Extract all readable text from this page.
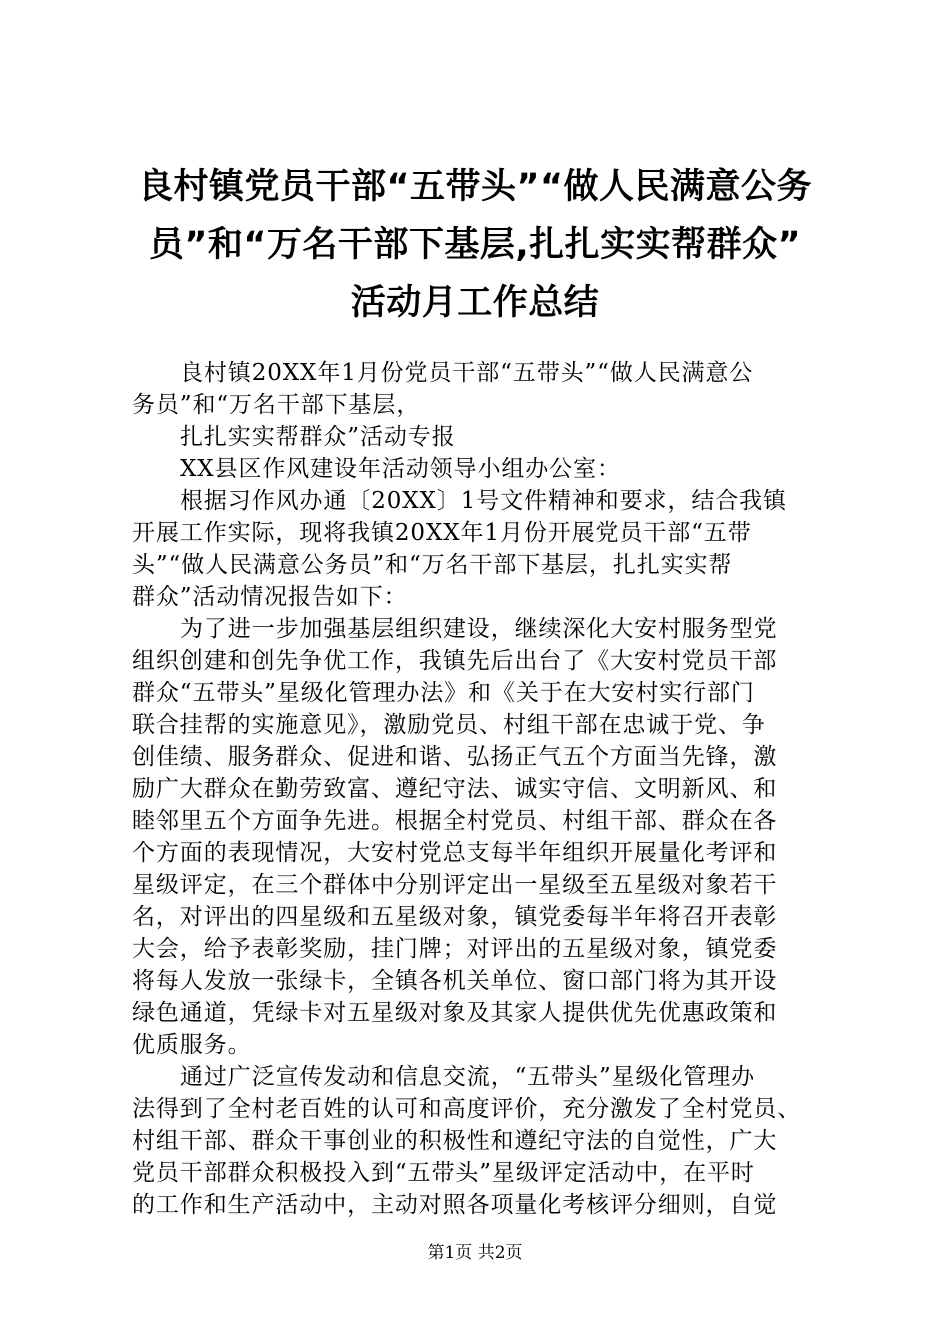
良村镇党员干部“五带头”“做人民满意公务
员”和“万名干部下基层,扎扎实实帮群众”
活动月工作总结
良村镇20XX年1月份党员干部“五带头”“做人民满意公
务员”和“万名干部下基层，
扎扎实实帮群众”活动专报
XX县区作风建设年活动领导小组办公室：
根据习作风办通〔20XX〕1号文件精神和要求，结合我镇
开展工作实际，现将我镇20XX年1月份开展党员干部“五带
头”“做人民满意公务员”和“万名干部下基层，扎扎实实帮
群众”活动情况报告如下：
为了进一步加强基层组织建设，继续深化大安村服务型党
组织创建和创先争优工作，我镇先后出台了《大安村党员干部
群众“五带头”星级化管理办法》和《关于在大安村实行部门
联合挂帮的实施意见》，激励党员、村组干部在忠诚于党、争
创佳绩、服务群众、促进和谐、弘扬正气五个方面当先锋，激
励广大群众在勤劳致富、遵纪守法、诚实守信、文明新风、和
睦邻里五个方面争先进。根据全村党员、村组干部、群众在各
个方面的表现情况，大安村党总支每半年组织开展量化考评和
星级评定，在三个群体中分别评定出一星级至五星级对象若干
名，对评出的四星级和五星级对象，镇党委每半年将召开表彰
大会，给予表彰奖励，挂门牌；对评出的五星级对象，镇党委
将每人发放一张绿卡，全镇各机关单位、窗口部门将为其开设
绿色通道，凭绿卡对五星级对象及其家人提供优先优惠政策和
优质服务。
通过广泛宣传发动和信息交流，“五带头”星级化管理办
法得到了全村老百姓的认可和高度评价，充分激发了全村党员、
村组干部、群众干事创业的积极性和遵纪守法的自觉性，广大
党员干部群众积极投入到“五带头”星级评定活动中，在平时
的工作和生产活动中，主动对照各项量化考核评分细则，自觉
第1页 共2页
